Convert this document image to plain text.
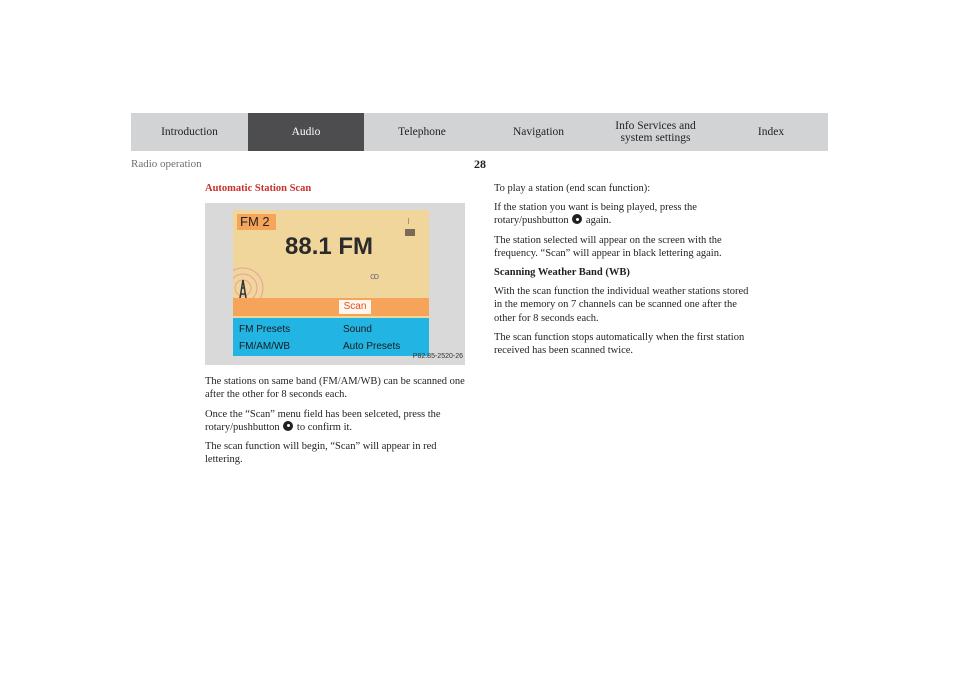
Introduction	Audio	Telephone	Navigation	Info Services and system settings	Index
Radio operation	28

Automatic Station Scan

FM 2	⠇
88.1 FM
ꝏ
Scan
FM Presets	Sound
FM/AM/WB	Auto Presets
P82.85-2520-26

The stations on same band (FM/AM/WB) can be scanned one after the other for 8 seconds each.

Once the “Scan” menu field has been selceted, press the rotary/pushbutton to confirm it.

The scan function will begin, “Scan” will appear in red lettering.

To play a station (end scan function):

If the station you want is being played, press the rotary/pushbutton again.

The station selected will appear on the screen with the frequency. “Scan” will appear in black lettering again.

Scanning Weather Band (WB)

With the scan function the individual weather stations stored in the memory on 7 channels can be scanned one after the other for 8 seconds each.

The scan function stops automatically when the first station received has been scanned twice.
